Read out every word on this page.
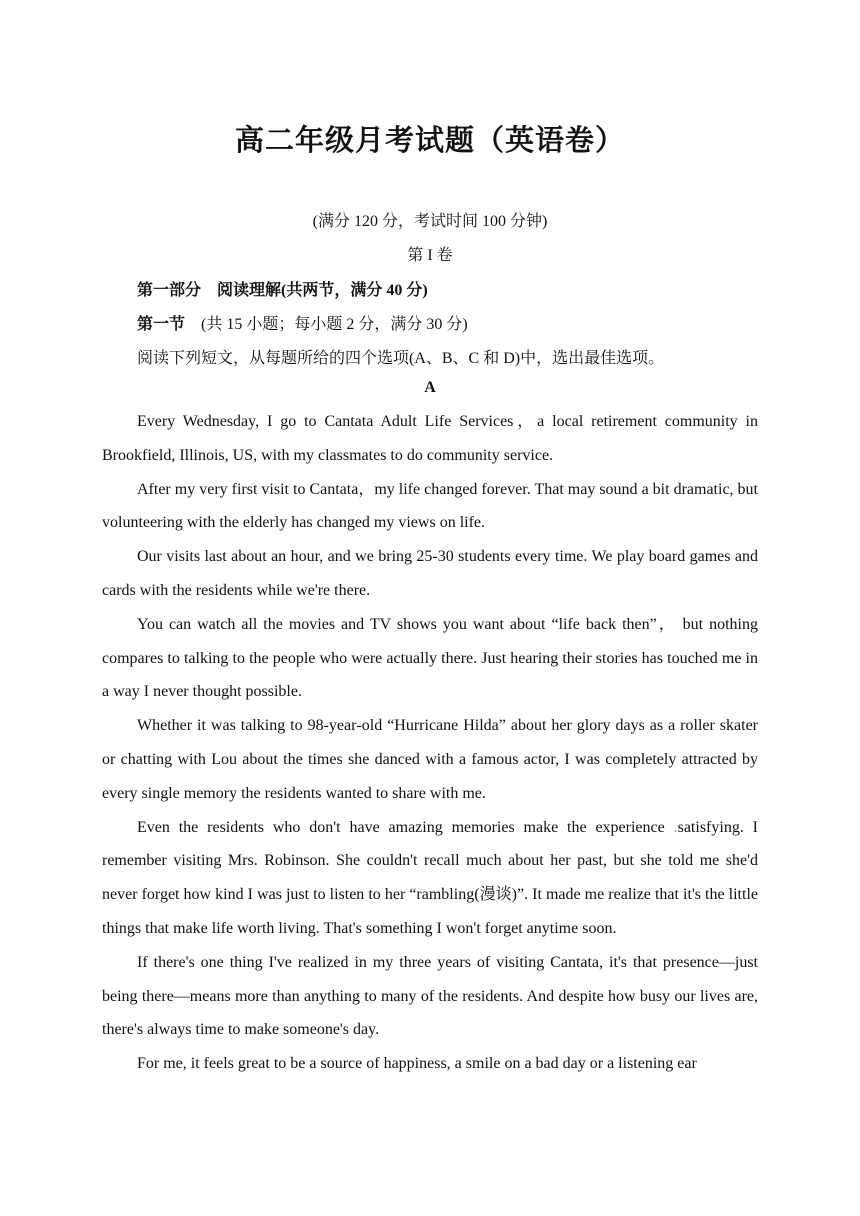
高二年级月考试题（英语卷）
(满分 120 分，考试时间 100 分钟)
第 I 卷
第一部分 阅读理解(共两节，满分 40 分)
第一节 (共 15 小题；每小题 2 分，满分 30 分)
阅读下列短文，从每题所给的四个选项(A、B、C 和 D)中，选出最佳选项。
A

Every Wednesday, I go to Cantata Adult Life Services，a local retirement community in Brookfield, Illinois, US, with my classmates to do community service.

After my very first visit to Cantata，my life changed forever. That may sound a bit dramatic, but volunteering with the elderly has changed my views on life.

Our visits last about an hour, and we bring 25-30 students every time. We play board games and cards with the residents while we're there.

You can watch all the movies and TV shows you want about “life back then”， but nothing compares to talking to the people who were actually there. Just hearing their stories has touched me in a way I never thought possible.

Whether it was talking to 98‐year‐old “Hurricane Hilda” about her glory days as a roller skater or chatting with Lou about the times she danced with a famous actor, I was completely attracted by every single memory the residents wanted to share with me.

Even the residents who don't have amazing memories make the experience .satisfying. I remember visiting Mrs. Robinson. She couldn't recall much about her past, but she told me she'd never forget how kind I was just to listen to her “rambling(漫谈)”. It made me realize that it's the little things that make life worth living. That's something I won't forget anytime soon.

If there's one thing I've realized in my three years of visiting Cantata, it's that presence—just being there—means more than anything to many of the residents. And despite how busy our lives are, there's always time to make someone's day.

For me, it feels great to be a source of happiness, a smile on a bad day or a listening ear
